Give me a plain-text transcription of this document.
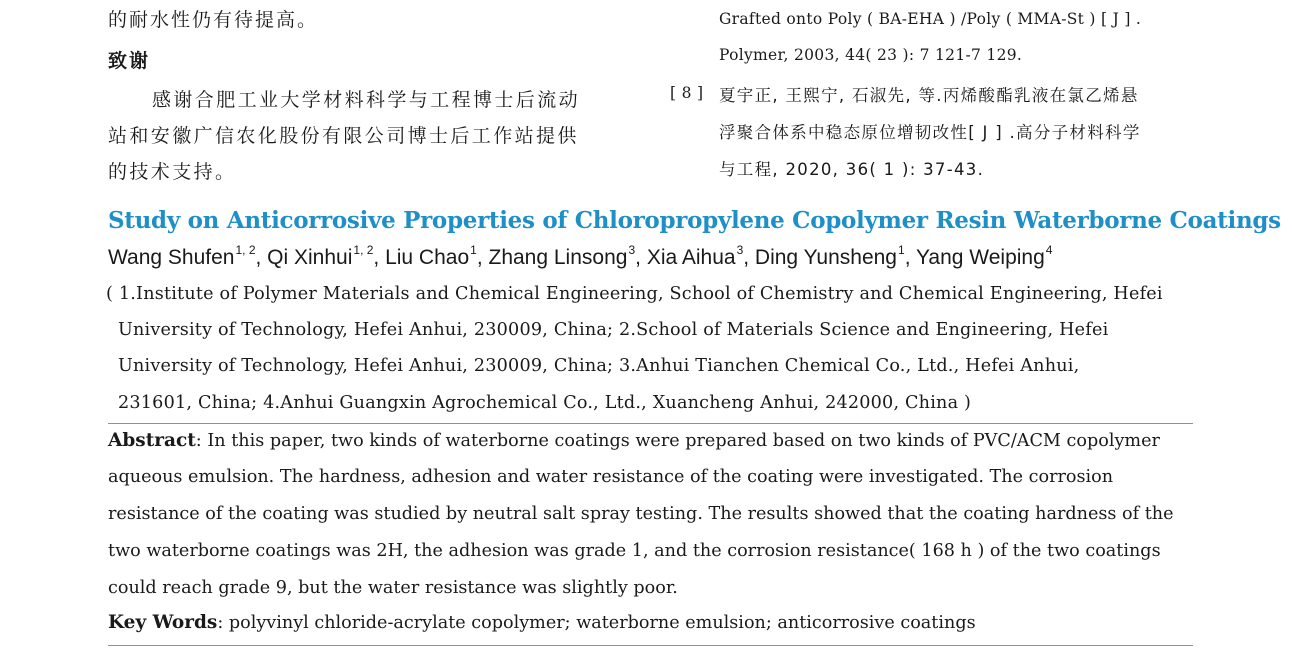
的耐水性仍有待提高。
致谢
感谢合肥工业大学材料科学与工程博士后流动
站和安徽广信农化股份有限公司博士后工作站提供
的技术支持。
Grafted onto Poly ( BA-EHA ) /Poly ( MMA-St ) [ J ] .
Polymer, 2003, 44( 23 ): 7 121-7 129.
[ 8 ] 夏宇正, 王熙宁, 石淑先, 等.丙烯酸酯乳液在氯乙烯悬
浮聚合体系中稳态原位增韧改性[ J ] .高分子材料科学
与工程, 2020, 36( 1 ): 37-43.
Study on Anticorrosive Properties of Chloropropylene Copolymer Resin Waterborne Coatings
Wang Shufen$^{1, 2}$, Qi Xinhui$^{1, 2}$, Liu Chao$^1$, Zhang Linsong$^3$, Xia Aihua$^3$, Ding Yunsheng$^1$, Yang Weiping$^4$
( 1.Institute of Polymer Materials and Chemical Engineering, School of Chemistry and Chemical Engineering, Hefei
University of Technology, Hefei Anhui, 230009, China; 2.School of Materials Science and Engineering, Hefei
University of Technology, Hefei Anhui, 230009, China; 3.Anhui Tianchen Chemical Co., Ltd., Hefei Anhui,
231601, China; 4.Anhui Guangxin Agrochemical Co., Ltd., Xuancheng Anhui, 242000, China )
Abstract: In this paper, two kinds of waterborne coatings were prepared based on two kinds of PVC/ACM copolymer
aqueous emulsion. The hardness, adhesion and water resistance of the coating were investigated. The corrosion
resistance of the coating was studied by neutral salt spray testing. The results showed that the coating hardness of the
two waterborne coatings was 2H, the adhesion was grade 1, and the corrosion resistance( 168 h ) of the two coatings
could reach grade 9, but the water resistance was slightly poor.
Key Words: polyvinyl chloride-acrylate copolymer; waterborne emulsion; anticorrosive coatings
